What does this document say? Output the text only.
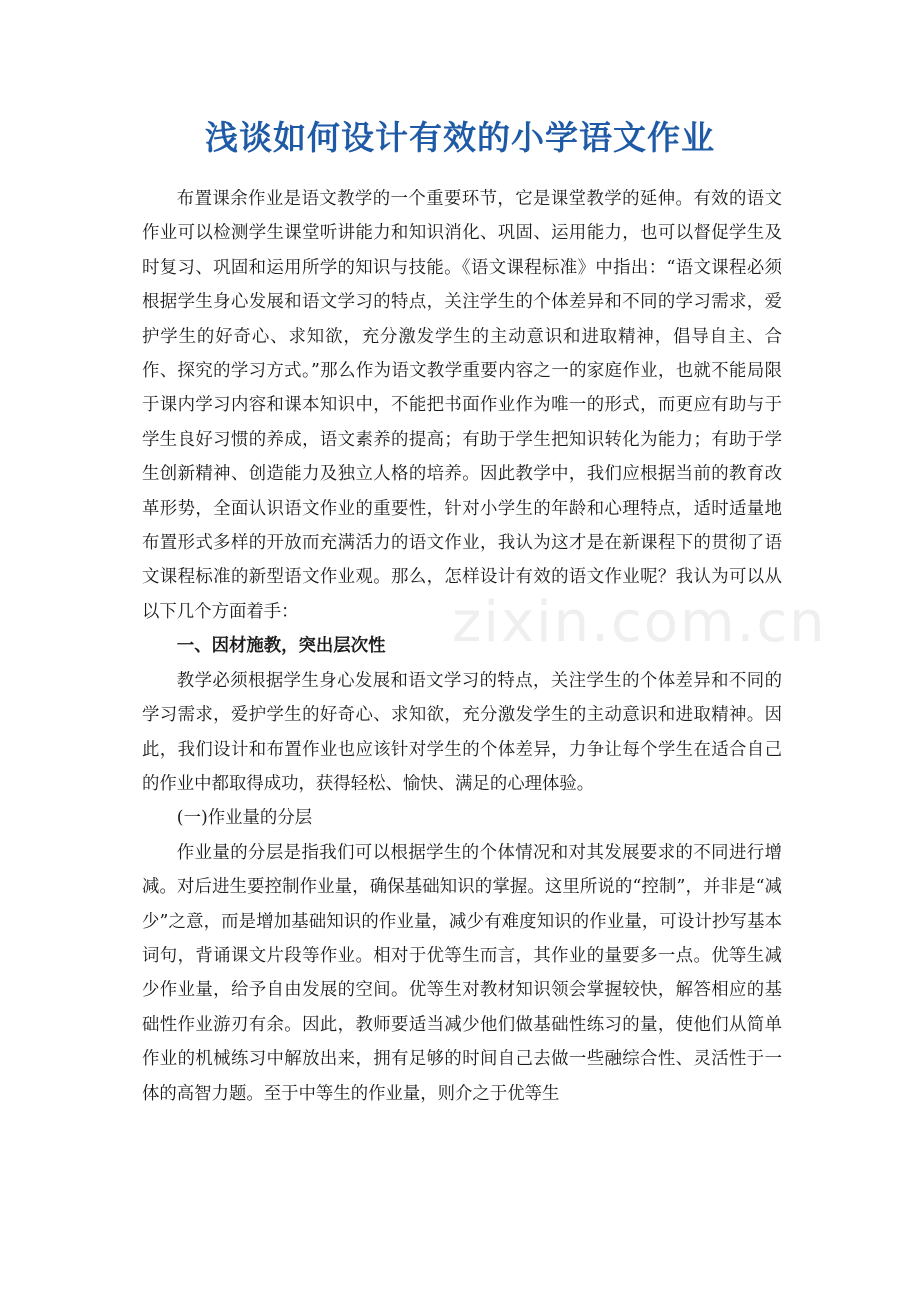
浅谈如何设计有效的小学语文作业

布置课余作业是语文教学的一个重要环节，它是课堂教学的延伸。有效的语文作业可以检测学生课堂听讲能力和知识消化、巩固、运用能力，也可以督促学生及时复习、巩固和运用所学的知识与技能。《语文课程标准》中指出：“语文课程必须根据学生身心发展和语文学习的特点，关注学生的个体差异和不同的学习需求，爱护学生的好奇心、求知欲，充分激发学生的主动意识和进取精神，倡导自主、合作、探究的学习方式。”那么作为语文教学重要内容之一的家庭作业，也就不能局限于课内学习内容和课本知识中，不能把书面作业作为唯一的形式，而更应有助与于学生良好习惯的养成，语文素养的提高；有助于学生把知识转化为能力；有助于学生创新精神、创造能力及独立人格的培养。因此教学中，我们应根据当前的教育改革形势，全面认识语文作业的重要性，针对小学生的年龄和心理特点，适时适量地布置形式多样的开放而充满活力的语文作业，我认为这才是在新课程下的贯彻了语文课程标准的新型语文作业观。那么，怎样设计有效的语文作业呢？我认为可以从以下几个方面着手：

一、因材施教，突出层次性

教学必须根据学生身心发展和语文学习的特点，关注学生的个体差异和不同的学习需求，爱护学生的好奇心、求知欲，充分激发学生的主动意识和进取精神。因此，我们设计和布置作业也应该针对学生的个体差异，力争让每个学生在适合自己的作业中都取得成功，获得轻松、愉快、满足的心理体验。

(一)作业量的分层

作业量的分层是指我们可以根据学生的个体情况和对其发展要求的不同进行增减。对后进生要控制作业量，确保基础知识的掌握。这里所说的“控制”，并非是“减少”之意，而是增加基础知识的作业量，减少有难度知识的作业量，可设计抄写基本词句，背诵课文片段等作业。相对于优等生而言，其作业的量要多一点。优等生减少作业量，给予自由发展的空间。优等生对教材知识领会掌握较快，解答相应的基础性作业游刃有余。因此，教师要适当减少他们做基础性练习的量，使他们从简单作业的机械练习中解放出来，拥有足够的时间自己去做一些融综合性、灵活性于一体的高智力题。至于中等生的作业量，则介之于优等生

zixin.com.cn
